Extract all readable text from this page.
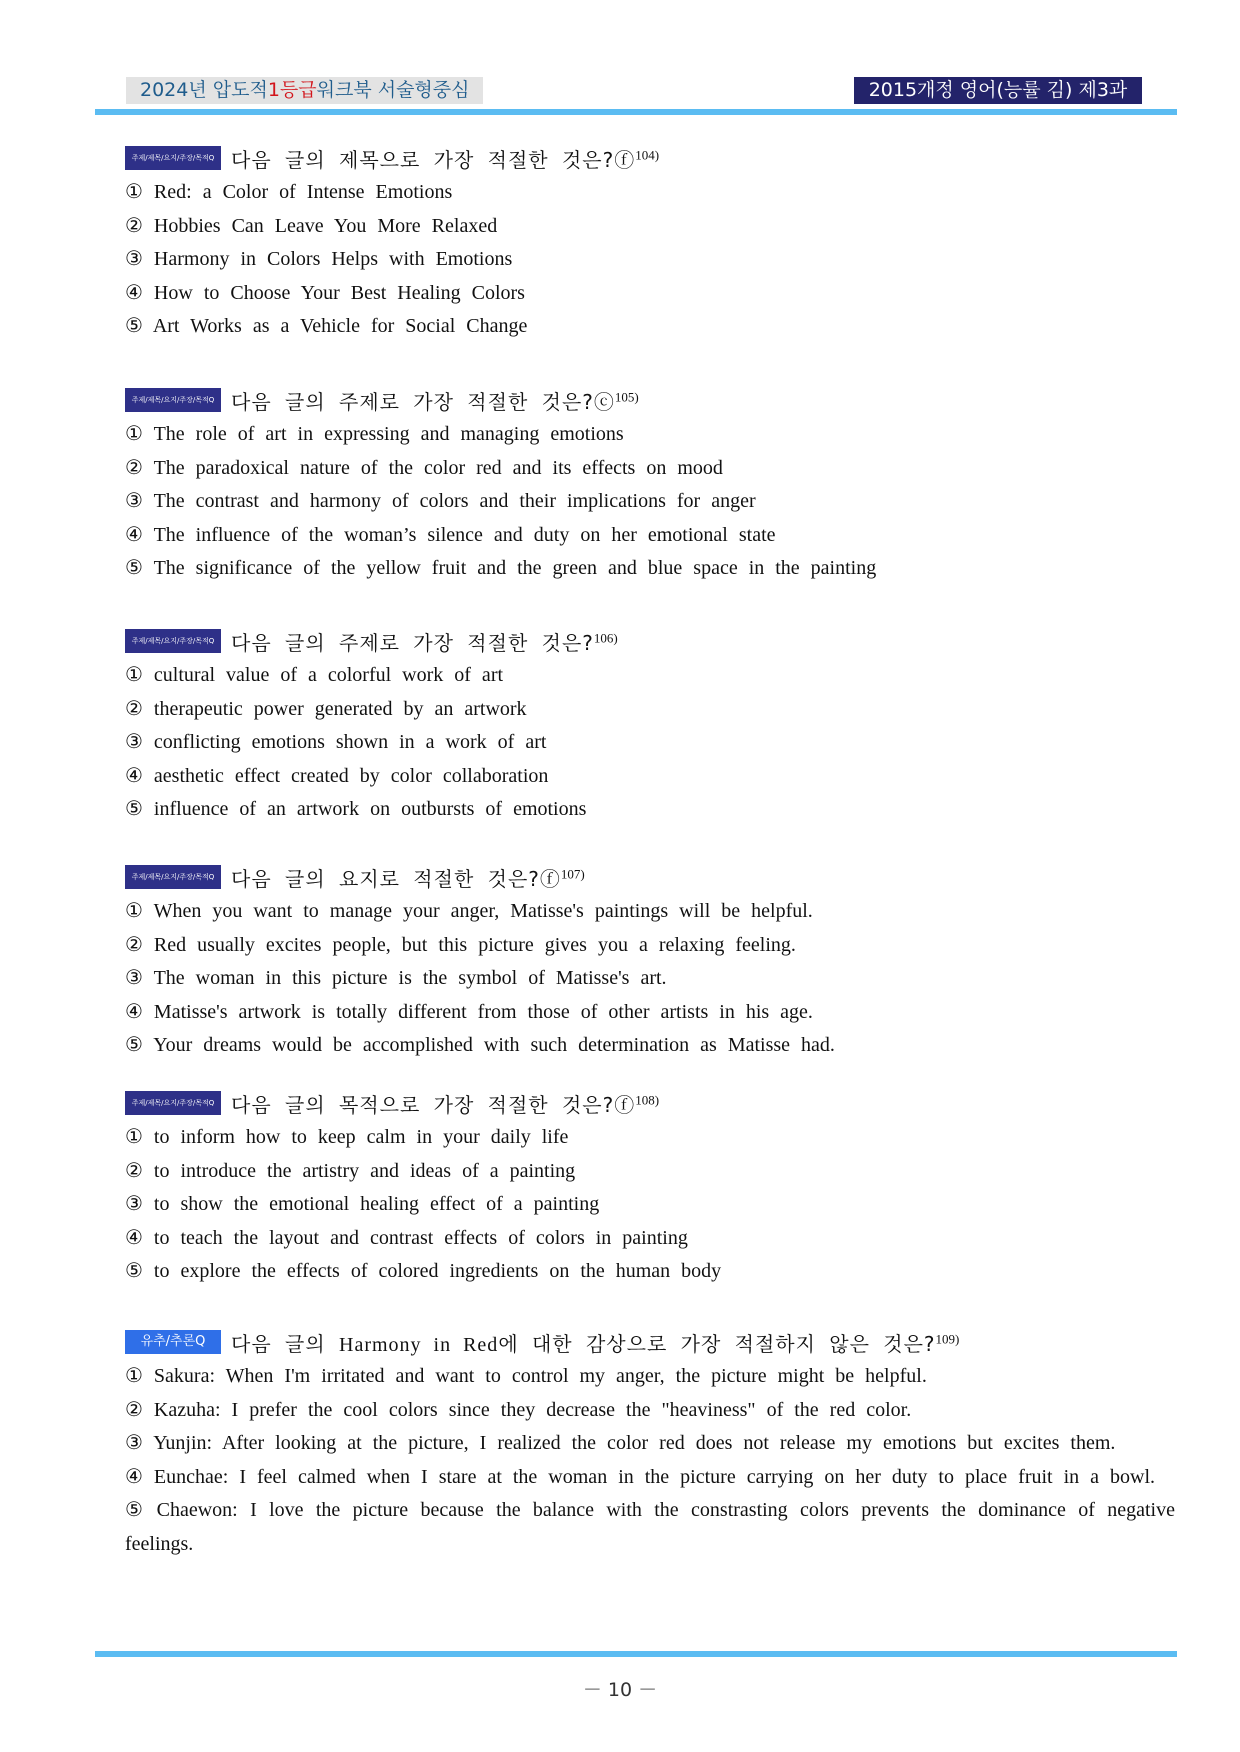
2024년 압도적1등급워크북 서술형중심	2015개정 영어(능률 김) 제3과
주제/제목/요지/주장/목적Q 다음 글의 제목으로 가장 적절한 것은?ⓕ$^{104)}$
① Red: a Color of Intense Emotions
② Hobbies Can Leave You More Relaxed
③ Harmony in Colors Helps with Emotions
④ How to Choose Your Best Healing Colors
⑤ Art Works as a Vehicle for Social Change
주제/제목/요지/주장/목적Q 다음 글의 주제로 가장 적절한 것은?ⓒ$^{105)}$
① The role of art in expressing and managing emotions
② The paradoxical nature of the color red and its effects on mood
③ The contrast and harmony of colors and their implications for anger
④ The influence of the woman’s silence and duty on her emotional state
⑤ The significance of the yellow fruit and the green and blue space in the painting
주제/제목/요지/주장/목적Q 다음 글의 주제로 가장 적절한 것은?$^{106)}$
① cultural value of a colorful work of art
② therapeutic power generated by an artwork
③ conflicting emotions shown in a work of art
④ aesthetic effect created by color collaboration
⑤ influence of an artwork on outbursts of emotions
주제/제목/요지/주장/목적Q 다음 글의 요지로 적절한 것은?ⓕ$^{107)}$
① When you want to manage your anger, Matisse's paintings will be helpful.
② Red usually excites people, but this picture gives you a relaxing feeling.
③ The woman in this picture is the symbol of Matisse's art.
④ Matisse's artwork is totally different from those of other artists in his age.
⑤ Your dreams would be accomplished with such determination as Matisse had.
주제/제목/요지/주장/목적Q 다음 글의 목적으로 가장 적절한 것은?ⓕ$^{108)}$
① to inform how to keep calm in your daily life
② to introduce the artistry and ideas of a painting
③ to show the emotional healing effect of a painting
④ to teach the layout and contrast effects of colors in painting
⑤ to explore the effects of colored ingredients on the human body
유추/추론Q	다음 글의 Harmony in Red에 대한 감상으로 가장 적절하지 않은 것은?$^{109)}$
① Sakura: When I'm irritated and want to control my anger, the picture might be helpful.
② Kazuha: I prefer the cool colors since they decrease the "heaviness" of the red color.
③ Yunjin: After looking at the picture, I realized the color red does not release my emotions but excites them.
④ Eunchae: I feel calmed when I stare at the woman in the picture carrying on her duty to place fruit in a bowl.
⑤ Chaewon: I love the picture because the balance with the constrasting colors prevents the dominance of negative feelings.
－ 10 －
